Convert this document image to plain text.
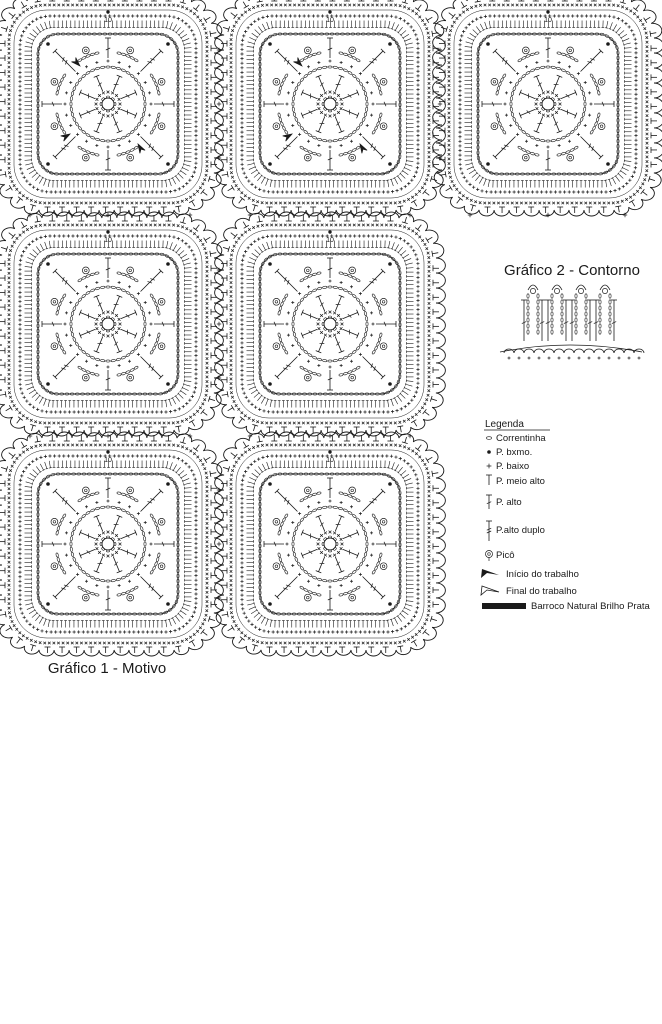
10	10	10
10	10
10	10
Gráfico 1 - Motivo
Gráfico 2 - Contorno
Legenda
Correntinha
P. bxmo.
P. baixo
P. meio alto
P. alto
P.alto duplo
Picô
Início do trabalho
Final do trabalho
Barroco Natural Brilho Prata
